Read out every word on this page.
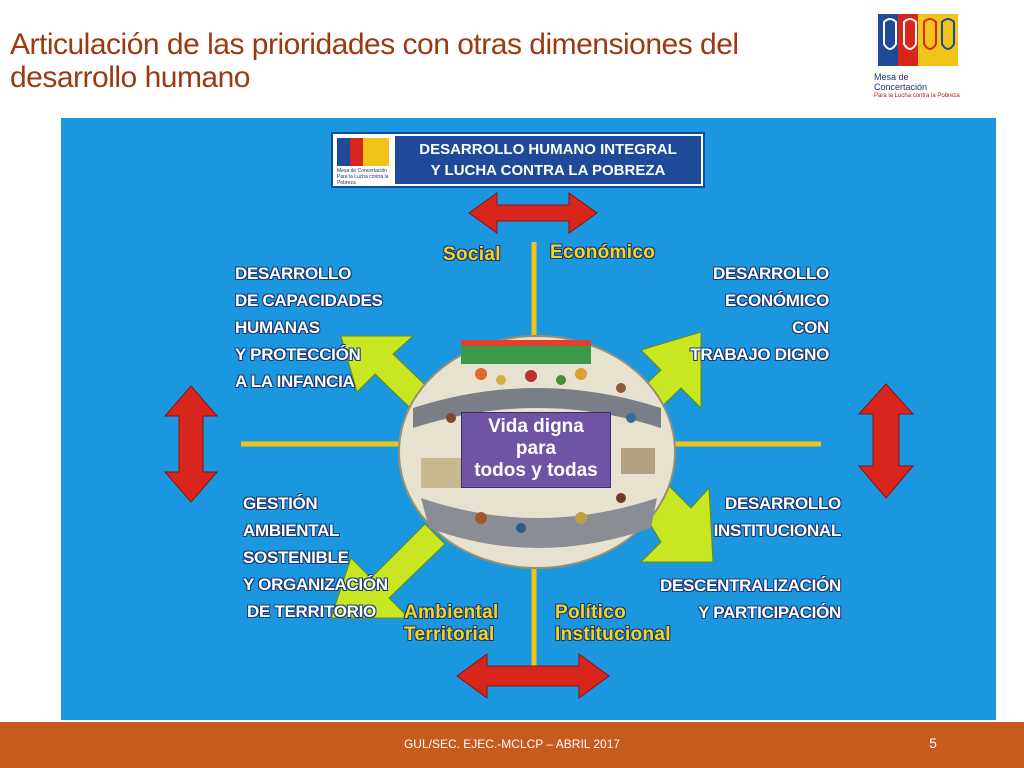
Articulación de las prioridades con otras dimensiones del
desarrollo humano	Mesa de Concertación
Para la Lucha contra la Pobreza
Mesa de Concertación Para la Lucha contra la Pobreza
DESARROLLO HUMANO INTEGRAL
Y LUCHA CONTRA LA POBREZA
Social	Económico
Ambiental
Territorial
Político
Institucional
DESARROLLO
DE CAPACIDADES
HUMANAS
Y PROTECCIÓN
A LA INFANCIA
DESARROLLO
ECONÓMICO
CON
TRABAJO DIGNO
GESTIÓN
AMBIENTAL
SOSTENIBLE
Y ORGANIZACIÓN
DE TERRITORIO
DESARROLLO
INSTITUCIONAL
DESCENTRALIZACIÓN
Y PARTICIPACIÓN
Vida digna
para
todos y todas
GUL/SEC. EJEC.-MCLCP – ABRIL 2017	5
